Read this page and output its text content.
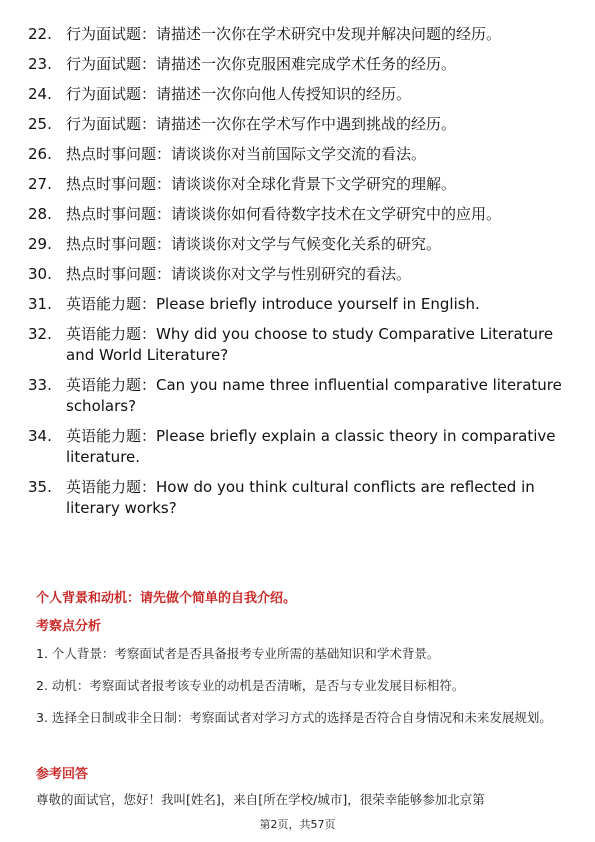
22. 行为面试题：请描述一次你在学术研究中发现并解决问题的经历。
23. 行为面试题：请描述一次你克服困难完成学术任务的经历。
24. 行为面试题：请描述一次你向他人传授知识的经历。
25. 行为面试题：请描述一次你在学术写作中遇到挑战的经历。
26. 热点时事问题：请谈谈你对当前国际文学交流的看法。
27. 热点时事问题：请谈谈你对全球化背景下文学研究的理解。
28. 热点时事问题：请谈谈你如何看待数字技术在文学研究中的应用。
29. 热点时事问题：请谈谈你对文学与气候变化关系的研究。
30. 热点时事问题：请谈谈你对文学与性别研究的看法。
31. 英语能力题：Please briefly introduce yourself in English.
32. 英语能力题：Why did you choose to study Comparative Literature and World Literature?
33. 英语能力题：Can you name three influential comparative literature scholars?
34. 英语能力题：Please briefly explain a classic theory in comparative literature.
35. 英语能力题：How do you think cultural conflicts are reflected in literary works?
个人背景和动机：请先做个简单的自我介绍。
考察点分析

1. 个人背景：考察面试者是否具备报考专业所需的基础知识和学术背景。

2. 动机：考察面试者报考该专业的动机是否清晰，是否与专业发展目标相符。

3. 选择全日制或非全日制：考察面试者对学习方式的选择是否符合自身情况和未来发展规划。

参考回答
尊敬的面试官，您好！我叫[姓名]，来自[所在学校/城市]，很荣幸能够参加北京第
第2页，共57页
